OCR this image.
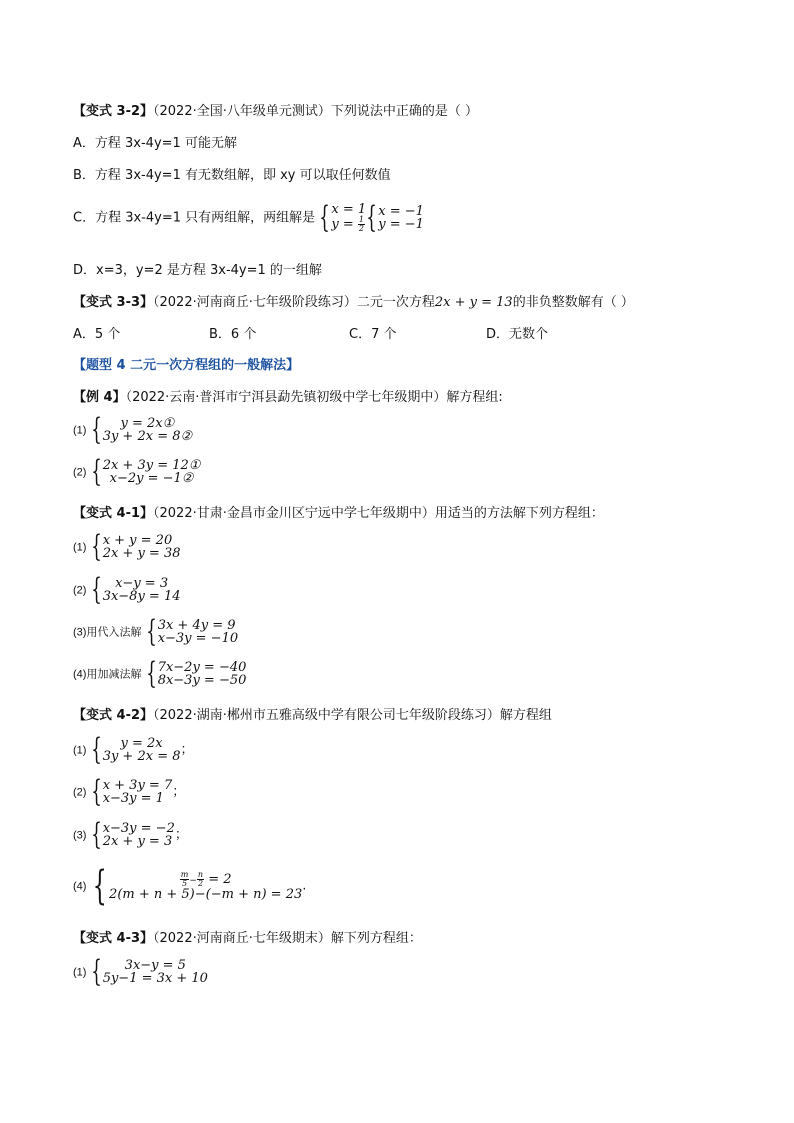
【变式 3-2】（2022·全国·八年级单元测试）下列说法中正确的是（ ）
A．方程 3x-4y=1 可能无解
B．方程 3x-4y=1 有无数组解，即 xy 可以取任何数值
C．方程 3x-4y=1 只有两组解，两组解是 { x = 1
$y = \frac{1}{2}$ { x = −1
y = −1
D．x=3，y=2 是方程 3x-4y=1 的一组解
【变式 3-3】（2022·河南商丘·七年级阶段练习）二元一次方程2x + y = 13的非负整数解有（ ）
A．5 个	B．6 个	C．7 个	D．无数个
【题型 4 二元一次方程组的一般解法】
【例 4】（2022·云南·普洱市宁洱县勐先镇初级中学七年级期中）解方程组:
(1) {	y = 2x①
3y + 2x = 8②
(2) { 2x + 3y = 12①
x−2y = −1②
【变式 4-1】（2022·甘肃·金昌市金川区宁远中学七年级期中）用适当的方法解下列方程组：
(1) { x + y = 20
2x + y = 38
(2) {	x−y = 3
3x−8y = 14
(3)用代入法解 { 3x + 4y = 9
x−3y = −10
(4)用加减法解 { 7x−2y = −40
8x−3y = −50
【变式 4-2】（2022·湖南·郴州市五雅高级中学有限公司七年级阶段练习）解方程组
(1) {	y = 2x
3y + 2x = 8 ；
(2) { x + 3y = 7
x−3y = 1 ；
(3) { x−3y = −2
2x + y = 3 ；
(4) {	$\frac{m}{5} - \frac{n}{2} = 2$
2(m + n + 5)−(−m + n) = 23
.
【变式 4-3】（2022·河南商丘·七年级期末）解下列方程组：
(1) {	3x−y = 5
5y−1 = 3x + 10
